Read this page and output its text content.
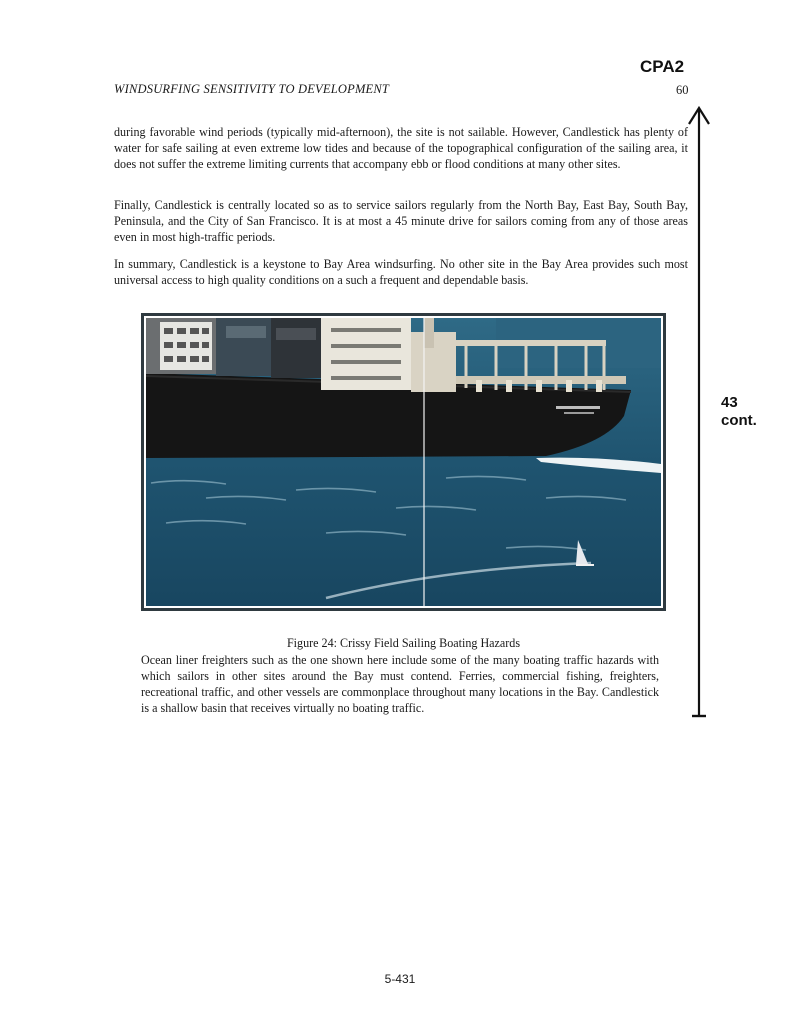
CPA2
WINDSURFING SENSITIVITY TO DEVELOPMENT	60

during favorable wind periods (typically mid-afternoon), the site is not sailable. However, Candlestick has plenty of water for safe sailing at even extreme low tides and because of the topographical configuration of the sailing area, it does not suffer the extreme limiting currents that accompany ebb or flood conditions at many other sites.

Finally, Candlestick is centrally located so as to service sailors regularly from the North Bay, East Bay, South Bay, Peninsula, and the City of San Francisco. It is at most a 45 minute drive for sailors coming from any of those areas even in most high-traffic periods.

In summary, Candlestick is a keystone to Bay Area windsurfing. No other site in the Bay Area provides such most universal access to high quality conditions on a such a frequent and dependable basis.

43
cont.
Figure 24: Crissy Field Sailing Boating Hazards

Ocean liner freighters such as the one shown here include some of the many boating traffic hazards with which sailors in other sites around the Bay must contend. Ferries, commercial fishing, freighters, recreational traffic, and other vessels are commonplace throughout many locations in the Bay. Candlestick is a shallow basin that receives virtually no boating traffic.

5-431
